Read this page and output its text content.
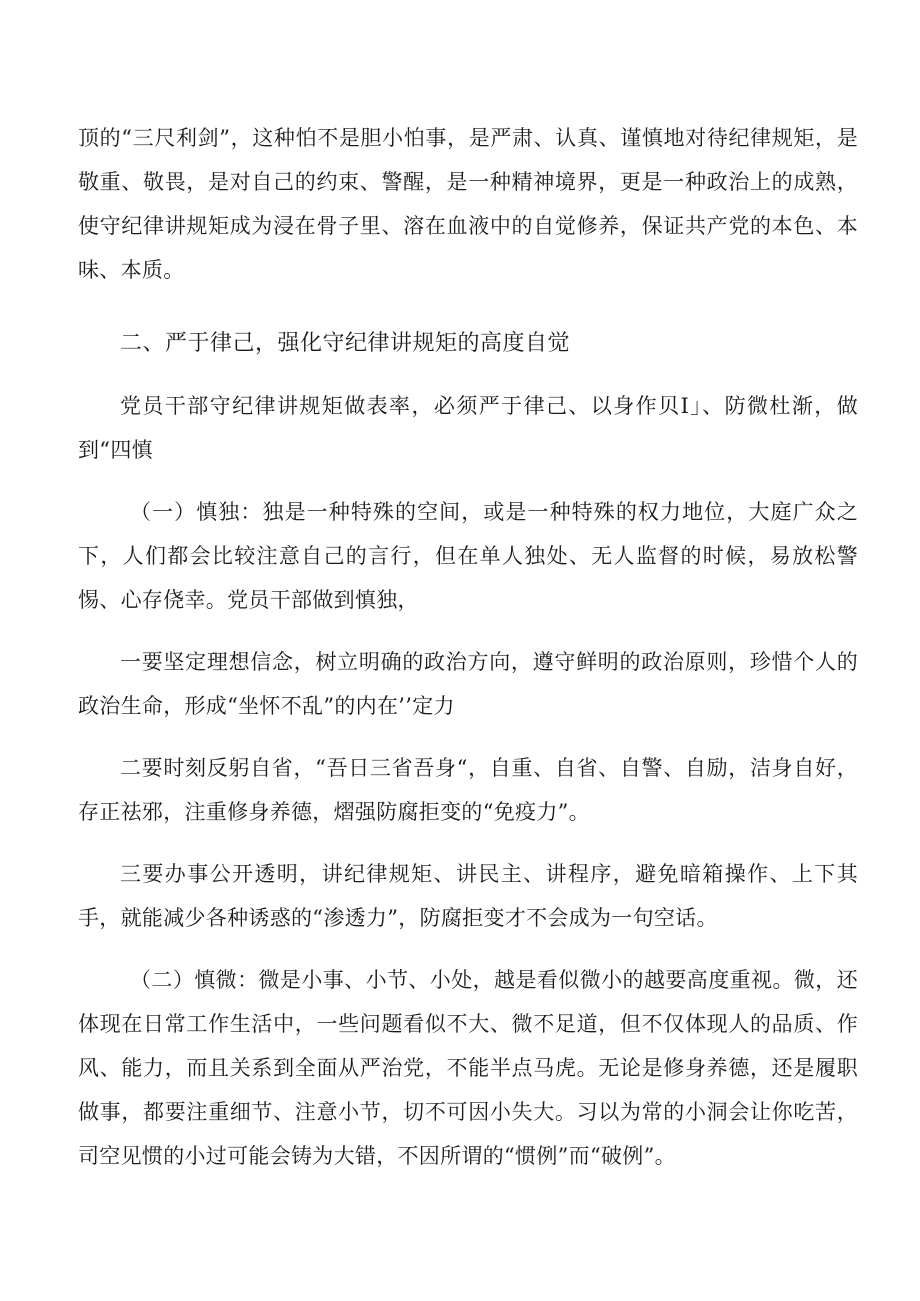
顶的“三尺利剑”，这种怕不是胆小怕事，是严肃、认真、谨慎地对待纪律规矩，是敬重、敬畏，是对自己的约束、警醒，是一种精神境界，更是一种政治上的成熟，使守纪律讲规矩成为浸在骨子里、溶在血液中的自觉修养，保证共产党的本色、本味、本质。

二、严于律己，强化守纪律讲规矩的高度自觉

党员干部守纪律讲规矩做表率，必须严于律己、以身作贝I」、防微杜渐，做到“四慎

（一）慎独：独是一种特殊的空间，或是一种特殊的权力地位，大庭广众之下，人们都会比较注意自己的言行，但在单人独处、无人监督的时候，易放松警惕、心存侥幸。党员干部做到慎独，

一要坚定理想信念，树立明确的政治方向，遵守鲜明的政治原则，珍惜个人的政治生命，形成“坐怀不乱”的内在’’定力

二要时刻反躬自省，“吾日三省吾身“，自重、自省、自警、自励，洁身自好，存正祛邪，注重修身养德，熠强防腐拒变的“免疫力”。

三要办事公开透明，讲纪律规矩、讲民主、讲程序，避免暗箱操作、上下其手，就能减少各种诱惑的“渗透力”，防腐拒变才不会成为一句空话。

（二）慎微：微是小事、小节、小处，越是看似微小的越要高度重视。微，还体现在日常工作生活中，一些问题看似不大、微不足道，但不仅体现人的品质、作风、能力，而且关系到全面从严治党，不能半点马虎。无论是修身养德，还是履职做事，都要注重细节、注意小节，切不可因小失大。习以为常的小洞会让你吃苦，司空见惯的小过可能会铸为大错，不因所谓的“惯例”而“破例”。
